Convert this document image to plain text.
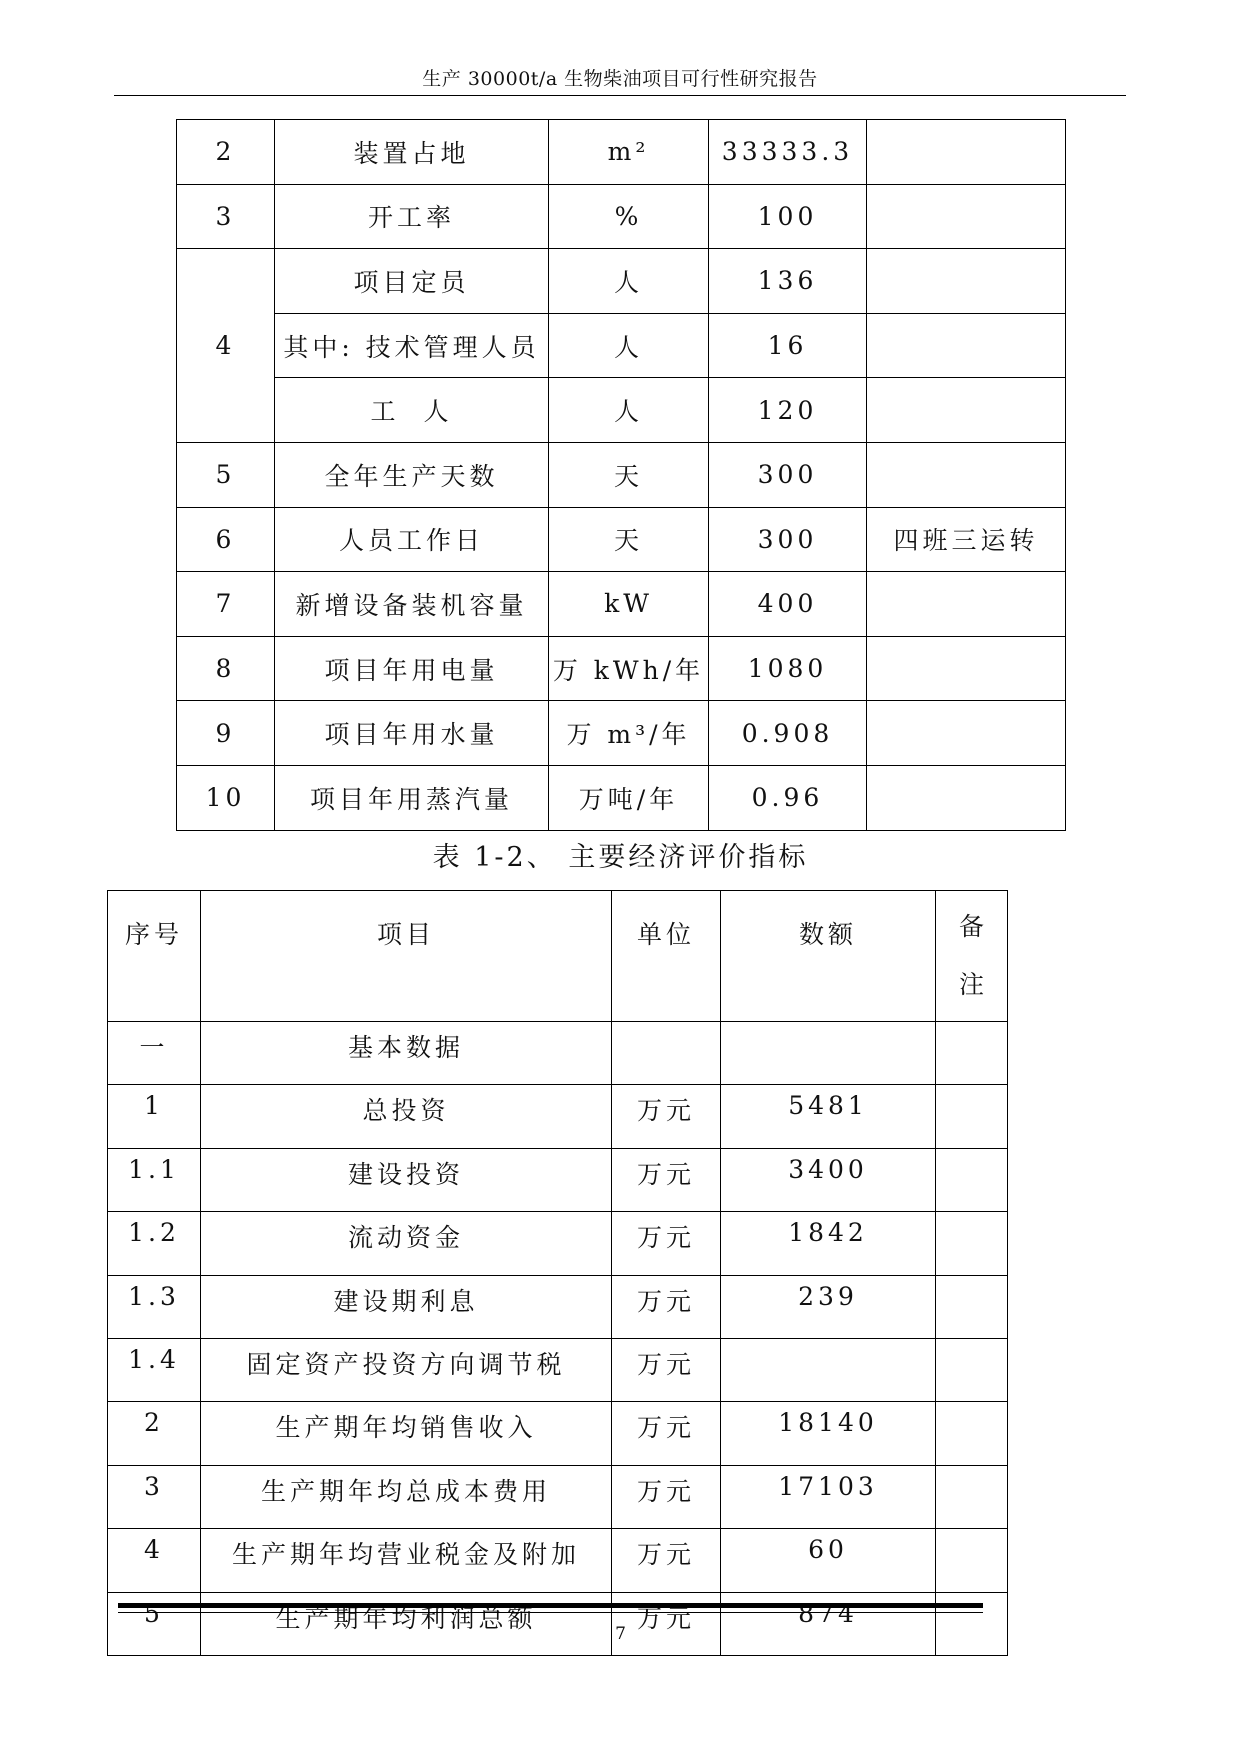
生产 30000t/a 生物柴油项目可行性研究报告
2	装置占地	m²	33333.3	
3	开工率	%	100	
4	项目定员	人	136	
	其中: 技术管理人员	人	16	
	工  人	人	120	
5	全年生产天数	天	300	
6	人员工作日	天	300	四班三运转
7	新增设备装机容量	kW	400	
8	项目年用电量	万 kWh/年	1080	
9	项目年用水量	万 m³/年	0.908	
10	项目年用蒸汽量	万吨/年	0.96	
表 1-2、 主要经济评价指标
序号	项目	单位	数额	备注
一	基本数据			
1	总投资	万元	5481	
1.1	建设投资	万元	3400	
1.2	流动资金	万元	1842	
1.3	建设期利息	万元	239	
1.4	固定资产投资方向调节税	万元		
2	生产期年均销售收入	万元	18140	
3	生产期年均总成本费用	万元	17103	
4	生产期年均营业税金及附加	万元	60	
5	生产期年均利润总额	万元	874	
7
